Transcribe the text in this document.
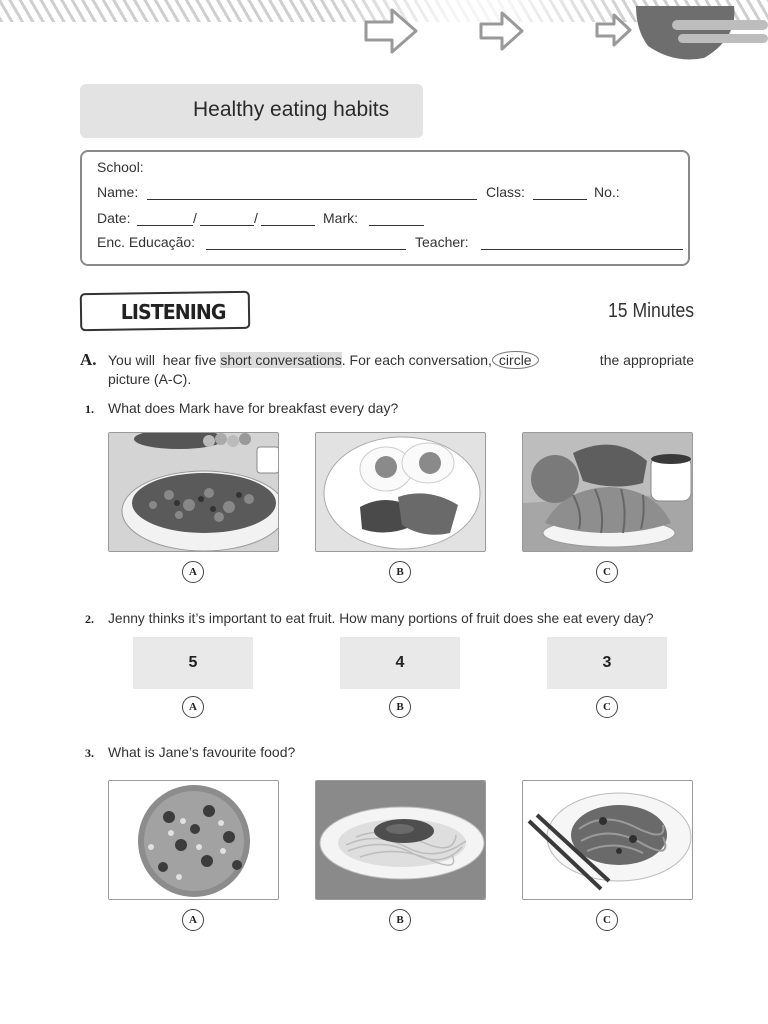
Healthy eating habits
School:
Name:	Class:	No.:
Date:	/	/	Mark:
Enc. Educação:	Teacher:
LISTENING	15 Minutes
A. You will  hear five short conversations. For each conversation, circle	the appropriate
picture (A-C).
1. What does Mark have for breakfast every day?
A	B	C
2. Jenny thinks it’s important to eat fruit. How many portions of fruit does she eat every day?
5	4	3
A	B	C
3. What is Jane’s favourite food?
A	B	C
